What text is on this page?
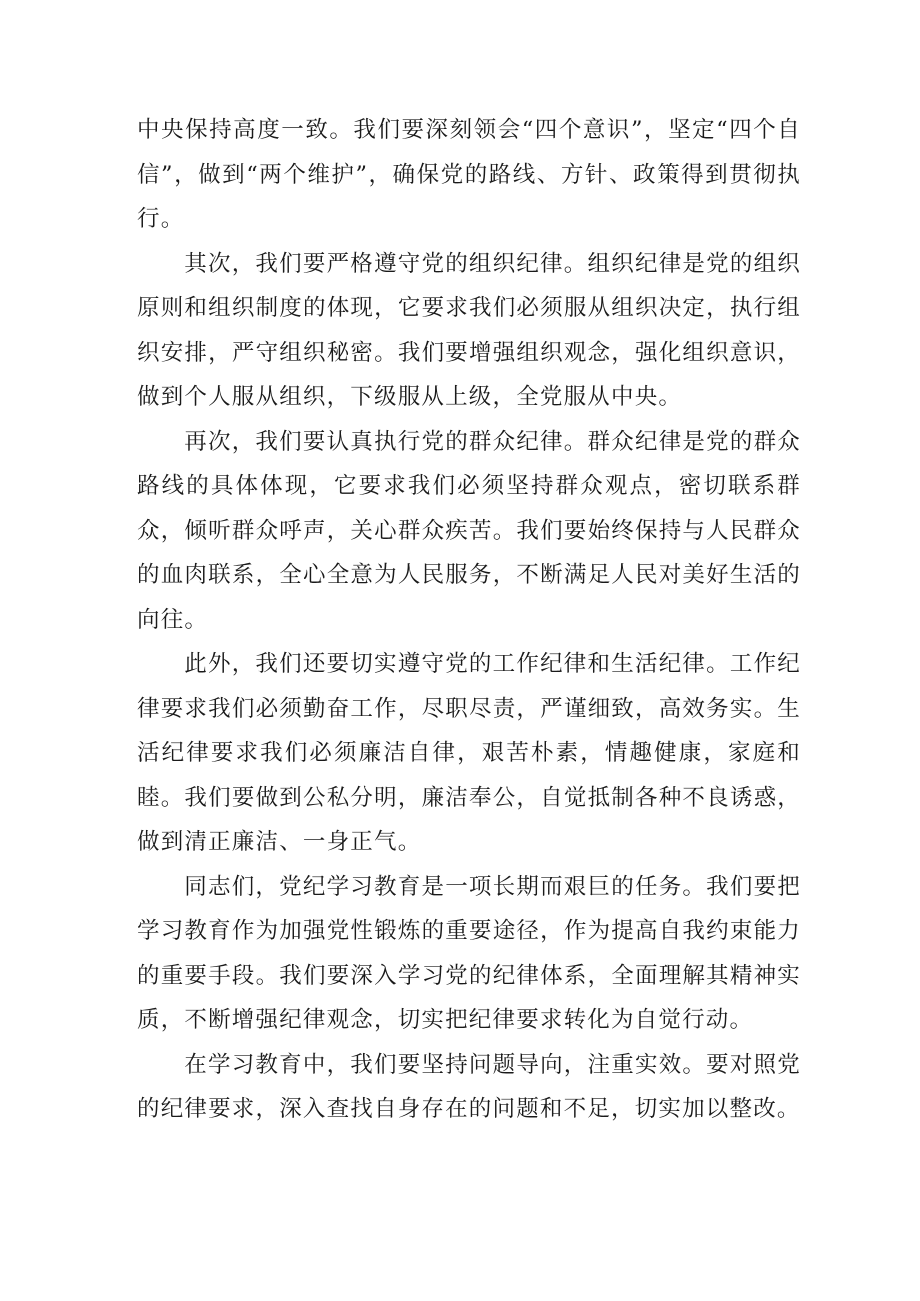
中央保持高度一致。我们要深刻领会“四个意识”，坚定“四个自信”，做到“两个维护”，确保党的路线、方针、政策得到贯彻执行。

其次，我们要严格遵守党的组织纪律。组织纪律是党的组织原则和组织制度的体现，它要求我们必须服从组织决定，执行组织安排，严守组织秘密。我们要增强组织观念，强化组织意识，做到个人服从组织，下级服从上级，全党服从中央。

再次，我们要认真执行党的群众纪律。群众纪律是党的群众路线的具体体现，它要求我们必须坚持群众观点，密切联系群众，倾听群众呼声，关心群众疾苦。我们要始终保持与人民群众的血肉联系，全心全意为人民服务，不断满足人民对美好生活的向往。

此外，我们还要切实遵守党的工作纪律和生活纪律。工作纪律要求我们必须勤奋工作，尽职尽责，严谨细致，高效务实。生活纪律要求我们必须廉洁自律，艰苦朴素，情趣健康，家庭和睦。我们要做到公私分明，廉洁奉公，自觉抵制各种不良诱惑，做到清正廉洁、一身正气。

同志们，党纪学习教育是一项长期而艰巨的任务。我们要把学习教育作为加强党性锻炼的重要途径，作为提高自我约束能力的重要手段。我们要深入学习党的纪律体系，全面理解其精神实质，不断增强纪律观念，切实把纪律要求转化为自觉行动。

在学习教育中，我们要坚持问题导向，注重实效。要对照党的纪律要求，深入查找自身存在的问题和不足，切实加以整改。
